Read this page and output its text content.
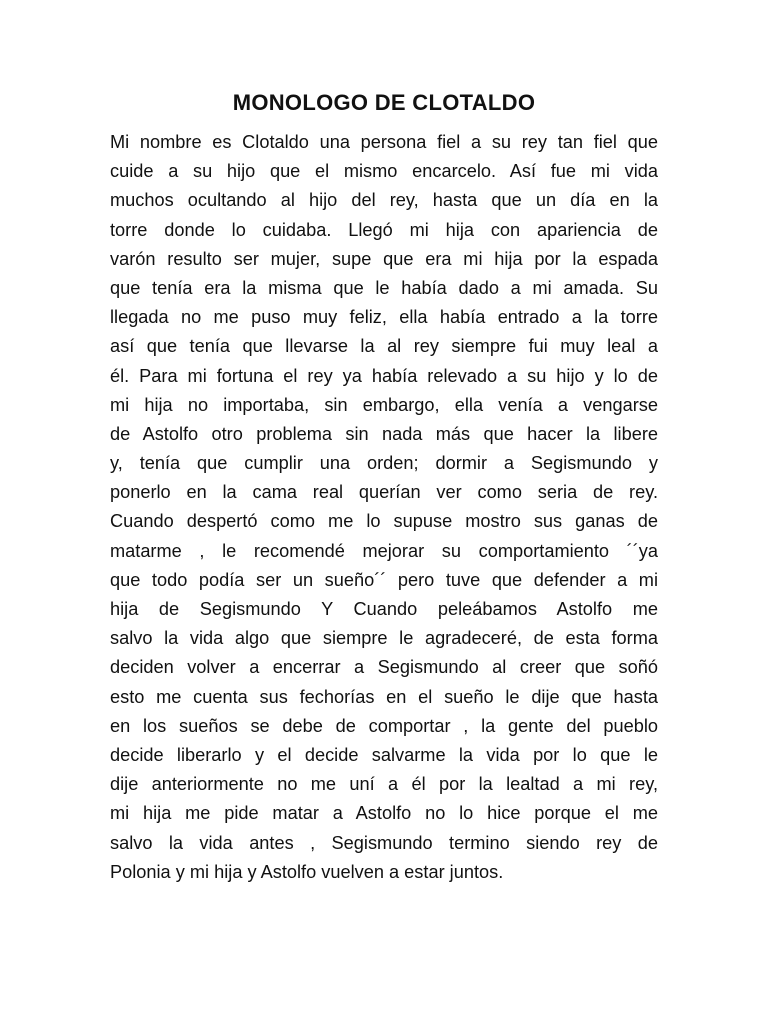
MONOLOGO DE CLOTALDO
Mi nombre es Clotaldo una persona fiel a su rey tan fiel que
cuide a su hijo que el mismo encarcelo. Así fue mi vida
muchos ocultando al hijo del rey, hasta que un día en la
torre donde lo cuidaba. Llegó mi hija con apariencia de
varón resulto ser mujer, supe que era mi hija por la espada
que tenía era la misma que le había dado a mi amada. Su
llegada no me puso muy feliz, ella había entrado a la torre
así que tenía que llevarse la al rey siempre fui muy leal a
él. Para mi fortuna el rey ya había relevado a su hijo y lo de
mi hija no importaba, sin embargo, ella venía a vengarse
de Astolfo otro problema sin nada más que hacer la libere
y, tenía que cumplir una orden; dormir a Segismundo y
ponerlo en la cama real querían ver como seria de rey.
Cuando despertó como me lo supuse mostro sus ganas de
matarme , le recomendé mejorar su comportamiento ´´ya
que todo podía ser un sueño´´ pero tuve que defender a mi
hija de Segismundo Y Cuando peleábamos Astolfo me
salvo la vida algo que siempre le agradeceré, de esta forma
deciden volver a encerrar a Segismundo al creer que soñó
esto me cuenta sus fechorías en el sueño le dije que hasta
en los sueños se debe de comportar , la gente del pueblo
decide liberarlo y el decide salvarme la vida por lo que le
dije anteriormente no me uní a él por la lealtad a mi rey,
mi hija me pide matar a Astolfo no lo hice porque el me
salvo la vida antes , Segismundo termino siendo rey de
Polonia y mi hija y Astolfo vuelven a estar juntos.
